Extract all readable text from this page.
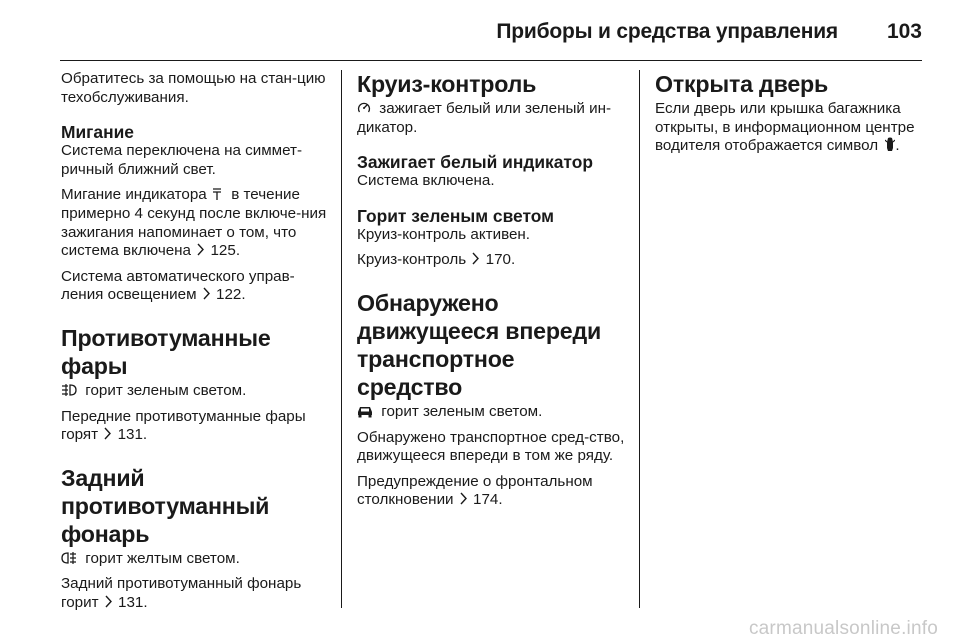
Приборы и средства управления 103

Обратитесь за помощью на стан-цию техобслуживания.

Мигание

Система переключена на симмет-ричный ближний свет.

Мигание индикатора в течение примерно 4 секунд после включе-ния зажигания напоминает о том, что система включена 125.

Система автоматического управ-ления освещением 122.

Противотуманные фары

горит зеленым светом.

Передние противотуманные фары горят 131.

Задний противотуманный фонарь

горит желтым светом.

Задний противотуманный фонарь горит 131.

Круиз-контроль

зажигает белый или зеленый ин-дикатор.

Зажигает белый индикатор

Система включена.

Горит зеленым светом

Круиз-контроль активен.

Круиз-контроль 170.

Обнаружено движущееся впереди транспортное средство

горит зеленым светом.

Обнаружено транспортное сред-ство, движущееся впереди в том же ряду.

Предупреждение о фронтальном столкновении 174.

Открыта дверь

Если дверь или крышка багажника открыты, в информационном центре водителя отображается символ .

carmanualsonline.info
